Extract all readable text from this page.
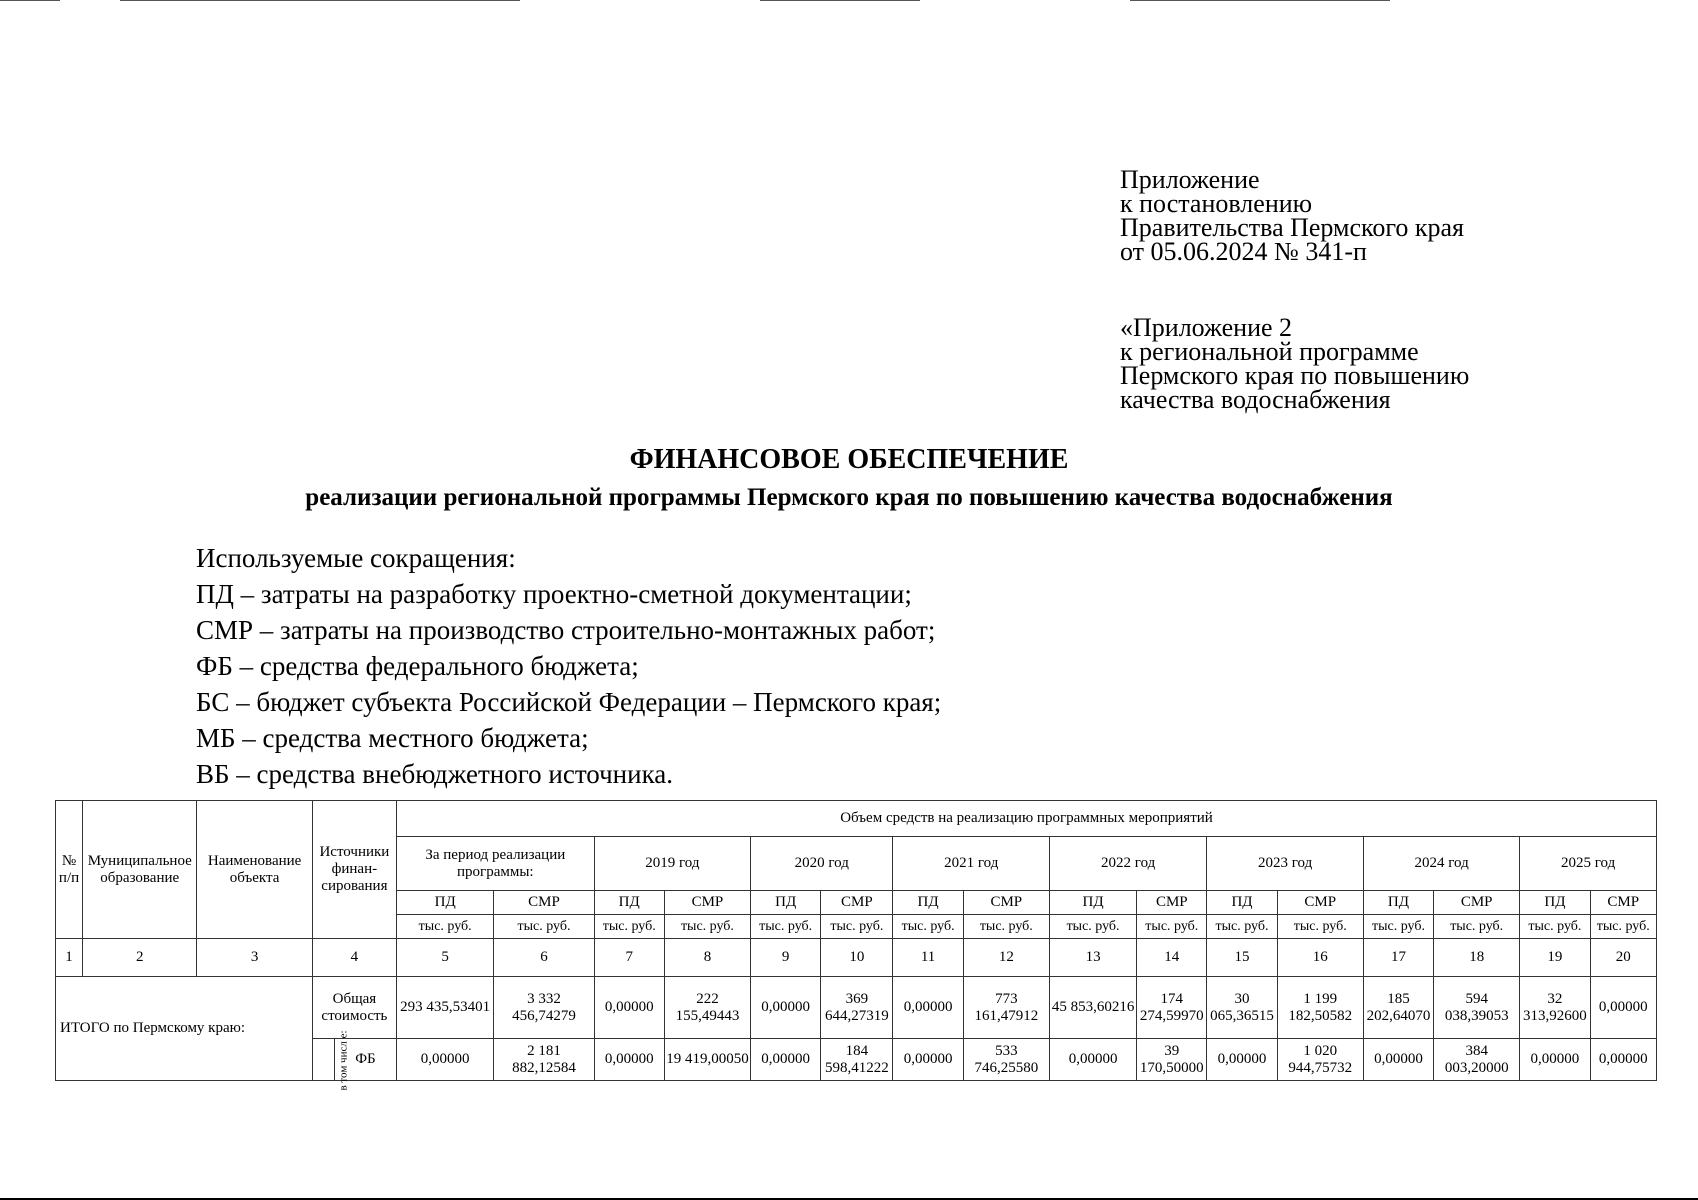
Приложение
к постановлению
Правительства Пермского края
от 05.06.2024 № 341-п
«Приложение 2
к региональной программе
Пермского края по повышению
качества водоснабжения
ФИНАНСОВОЕ ОБЕСПЕЧЕНИЕ
реализации региональной программы Пермского края по повышению качества водоснабжения
Используемые сокращения:
ПД – затраты на разработку проектно-сметной документации;
СМР – затраты на производство строительно-монтажных работ;
ФБ – средства федерального бюджета;
БС – бюджет субъекта Российской Федерации – Пермского края;
МБ – средства местного бюджета;
ВБ – средства внебюджетного источника.
№ п/п	Муниципальное образование	Наименование объекта	Источники финан-сирования		Объем средств на реализацию программных мероприятий															
					За период реализации программы:		2019 год		2020 год		2021 год		2022 год		2023 год		2024 год		2025 год	
					ПД	СМР	ПД	СМР	ПД	СМР	ПД	СМР	ПД	СМР	ПД	СМР	ПД	СМР	ПД	СМР
					тыс. руб.	тыс. руб.	тыс. руб.	тыс. руб.	тыс. руб.	тыс. руб.	тыс. руб.	тыс. руб.	тыс. руб.	тыс. руб.	тыс. руб.	тыс. руб.	тыс. руб.	тыс. руб.	тыс. руб.	тыс. руб.
1	2	3	4		5	6	7	8	9	10	11	12	13	14	15	16	17	18	19	20
ИТОГО по Пермскому краю:			Общая стоимость		293 435,53401	3 332 456,74279	0,00000	222 155,49443	0,00000	369 644,27319	0,00000	773 161,47912	45 853,60216	174 274,59970	30 065,36515	1 199 182,50582	185 202,64070	594 038,39053	32 313,92600	0,00000
			в том числ е:	ФБ	0,00000	2 181 882,12584	0,00000	19 419,00050	0,00000	184 598,41222	0,00000	533 746,25580	0,00000	39 170,50000	0,00000	1 020 944,75732	0,00000	384 003,20000	0,00000	0,00000
